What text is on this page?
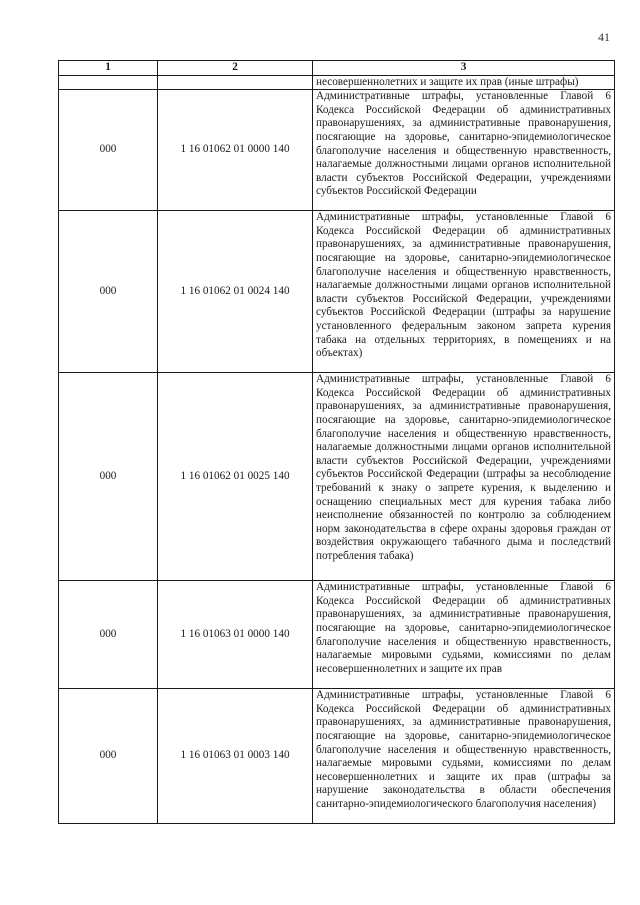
41
1	2	3
		несовершеннолетних и защите их прав (иные штрафы)
000	1 16 01062 01 0000 140	Административные штрафы, установленные Главой 6 Кодекса Российской Федерации об административных правонарушениях, за административные правонарушения, посягающие на здоровье, санитарно-эпидемиологическое благополучие населения и общественную нравственность, налагаемые должностными лицами органов исполнительной власти субъектов Российской Федерации, учреждениями субъектов Российской Федерации
000	1 16 01062 01 0024 140	Административные штрафы, установленные Главой 6 Кодекса Российской Федерации об административных правонарушениях, за административные правонарушения, посягающие на здоровье, санитарно-эпидемиологическое благополучие населения и общественную нравственность, налагаемые должностными лицами органов исполнительной власти субъектов Российской Федерации, учреждениями субъектов Российской Федерации (штрафы за нарушение установленного федеральным законом запрета курения табака на отдельных территориях, в помещениях и на объектах)
000	1 16 01062 01 0025 140	Административные штрафы, установленные Главой 6 Кодекса Российской Федерации об административных правонарушениях, за административные правонарушения, посягающие на здоровье, санитарно-эпидемиологическое благополучие населения и общественную нравственность, налагаемые должностными лицами органов исполнительной власти субъектов Российской Федерации, учреждениями субъектов Российской Федерации (штрафы за несоблюдение требований к знаку о запрете курения, к выделению и оснащению специальных мест для курения табака либо неисполнение обязанностей по контролю за соблюдением норм законодательства в сфере охраны здоровья граждан от воздействия окружающего табачного дыма и последствий потребления табака)
000	1 16 01063 01 0000 140	Административные штрафы, установленные Главой 6 Кодекса Российской Федерации об административных правонарушениях, за административные правонарушения, посягающие на здоровье, санитарно-эпидемиологическое благополучие населения и общественную нравственность, налагаемые мировыми судьями, комиссиями по делам несовершеннолетних и защите их прав
000	1 16 01063 01 0003 140	Административные штрафы, установленные Главой 6 Кодекса Российской Федерации об административных правонарушениях, за административные правонарушения, посягающие на здоровье, санитарно-эпидемиологическое благополучие населения и общественную нравственность, налагаемые мировыми судьями, комиссиями по делам несовершеннолетних и защите их прав (штрафы за нарушение законодательства в области обеспечения санитарно-эпидемиологического благополучия населения)
